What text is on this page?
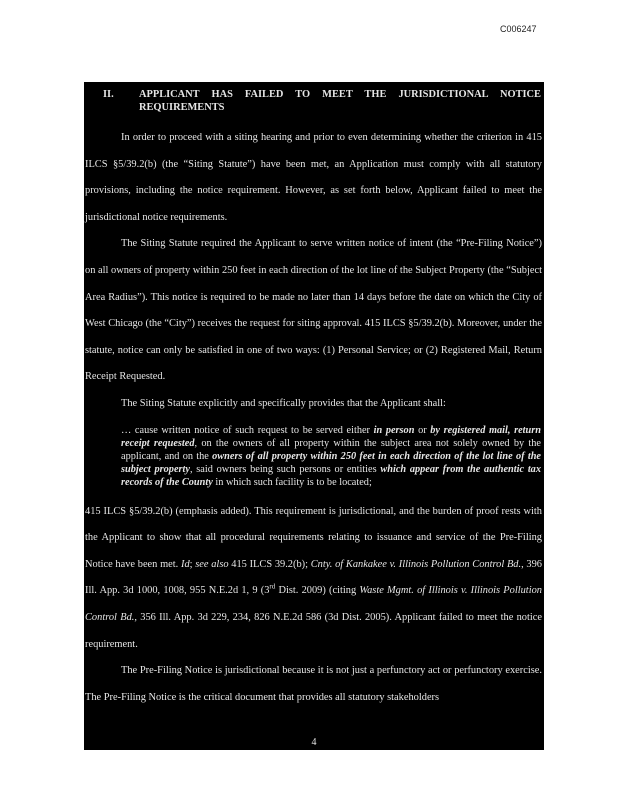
C006247
II.	APPLICANT HAS FAILED TO MEET THE JURISDICTIONAL NOTICE REQUIREMENTS

In order to proceed with a siting hearing and prior to even determining whether the criterion in 415 ILCS §5/39.2(b) (the “Siting Statute”) have been met, an Application must comply with all statutory provisions, including the notice requirement. However, as set forth below, Applicant failed to meet the jurisdictional notice requirements.

The Siting Statute required the Applicant to serve written notice of intent (the “Pre-Filing Notice”) on all owners of property within 250 feet in each direction of the lot line of the Subject Property (the “Subject Area Radius”). This notice is required to be made no later than 14 days before the date on which the City of West Chicago (the “City”) receives the request for siting approval. 415 ILCS §5/39.2(b). Moreover, under the statute, notice can only be satisfied in one of two ways: (1) Personal Service; or (2) Registered Mail, Return Receipt Requested.

The Siting Statute explicitly and specifically provides that the Applicant shall:

… cause written notice of such request to be served either in person or by registered mail, return receipt requested, on the owners of all property within the subject area not solely owned by the applicant, and on the owners of all property within 250 feet in each direction of the lot line of the subject property, said owners being such persons or entities which appear from the authentic tax records of the County in which such facility is to be located;

415 ILCS §5/39.2(b) (emphasis added). This requirement is jurisdictional, and the burden of proof rests with the Applicant to show that all procedural requirements relating to issuance and service of the Pre-Filing Notice have been met. Id; see also 415 ILCS 39.2(b); Cnty. of Kankakee v. Illinois Pollution Control Bd., 396 Ill. App. 3d 1000, 1008, 955 N.E.2d 1, 9 (3rd Dist. 2009) (citing Waste Mgmt. of Illinois v. Illinois Pollution Control Bd., 356 Ill. App. 3d 229, 234, 826 N.E.2d 586 (3d Dist. 2005). Applicant failed to meet the notice requirement.

The Pre-Filing Notice is jurisdictional because it is not just a perfunctory act or perfunctory exercise. The Pre-Filing Notice is the critical document that provides all statutory stakeholders

4
